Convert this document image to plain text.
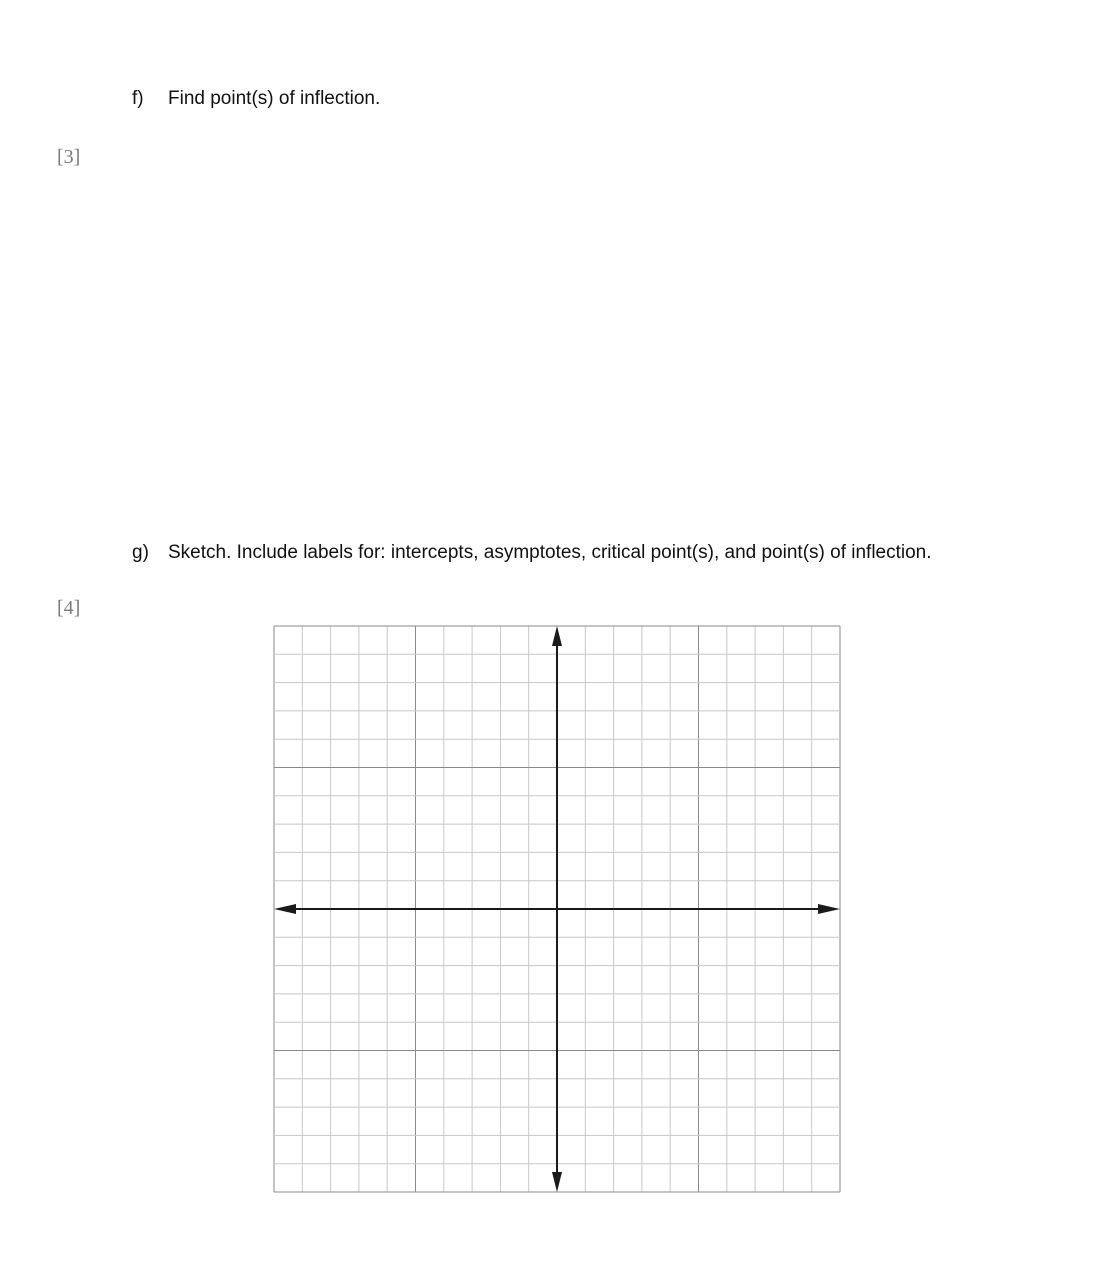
f) Find point(s) of inflection.
[3]
g) Sketch. Include labels for: intercepts, asymptotes, critical point(s), and point(s) of inflection.
[4]
